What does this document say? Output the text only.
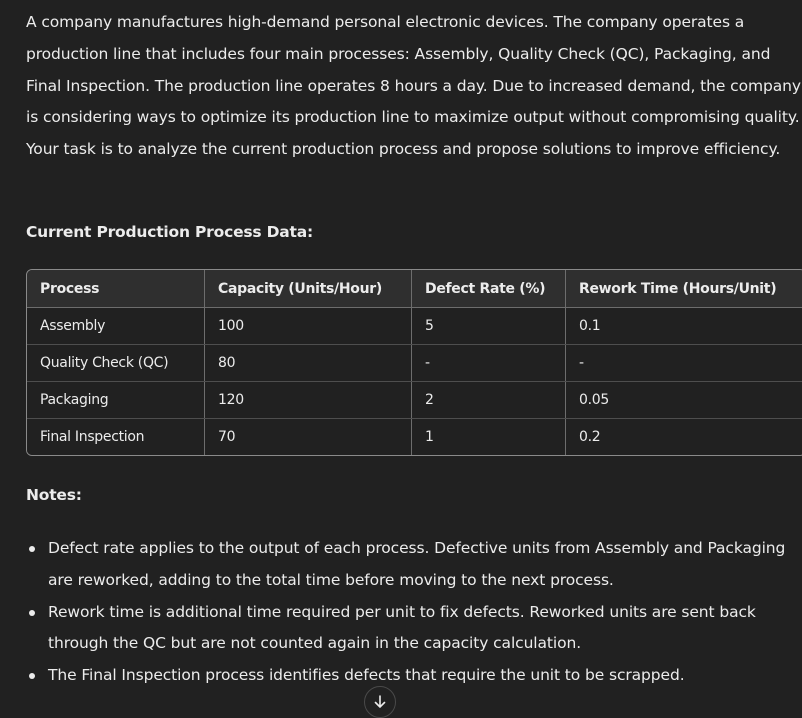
A company manufactures high-demand personal electronic devices. The company operates a production line that includes four main processes: Assembly, Quality Check (QC), Packaging, and Final Inspection. The production line operates 8 hours a day. Due to increased demand, the company is considering ways to optimize its production line to maximize output without compromising quality. Your task is to analyze the current production process and propose solutions to improve efficiency.

Current Production Process Data:
Process	Capacity (Units/Hour)	Defect Rate (%)	Rework Time (Hours/Unit)
Assembly	100	5	0.1
Quality Check (QC)	80	-	-
Packaging	120	2	0.05
Final Inspection	70	1	0.2
Notes:
Defect rate applies to the output of each process. Defective units from Assembly and Packaging are reworked, adding to the total time before moving to the next process.
Rework time is additional time required per unit to fix defects. Reworked units are sent back through the QC but are not counted again in the capacity calculation.
The Final Inspection process identifies defects that require the unit to be scrapped.
